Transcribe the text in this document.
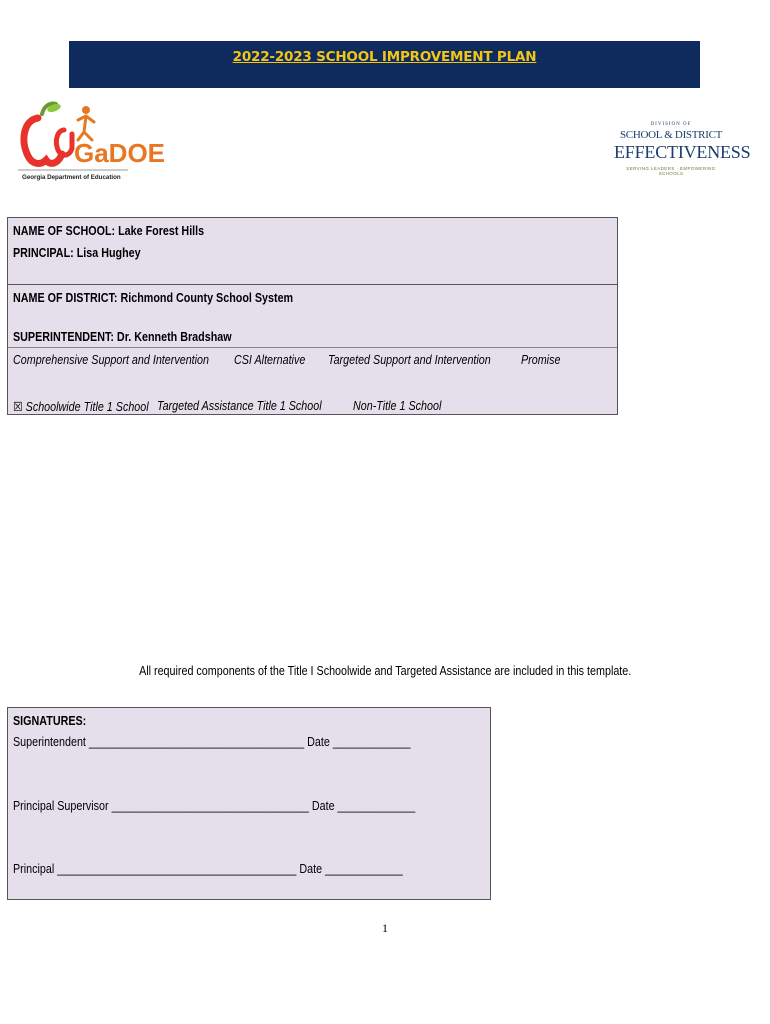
2022-2023 SCHOOL IMPROVEMENT PLAN
GaDOE
Georgia Department of Education
DIVISION OF
SCHOOL & DISTRICT
EFFECTIVENESS
SERVING LEADERS · EMPOWERING SCHOOLS
NAME OF SCHOOL: Lake Forest Hills
PRINCIPAL: Lisa Hughey
NAME OF DISTRICT: Richmond County School System
SUPERINTENDENT: Dr. Kenneth Bradshaw
Comprehensive Support and Intervention CSI Alternative Targeted Support and Intervention Promise
☒ Schoolwide Title 1 School Targeted Assistance Title 1 School	Non-Title 1 School
All required components of the Title I Schoolwide and Targeted Assistance are included in this template.
SIGNATURES:
Superintendent ____________________________________ Date _____________
Principal Supervisor _________________________________ Date _____________
Principal ________________________________________ Date _____________
1
